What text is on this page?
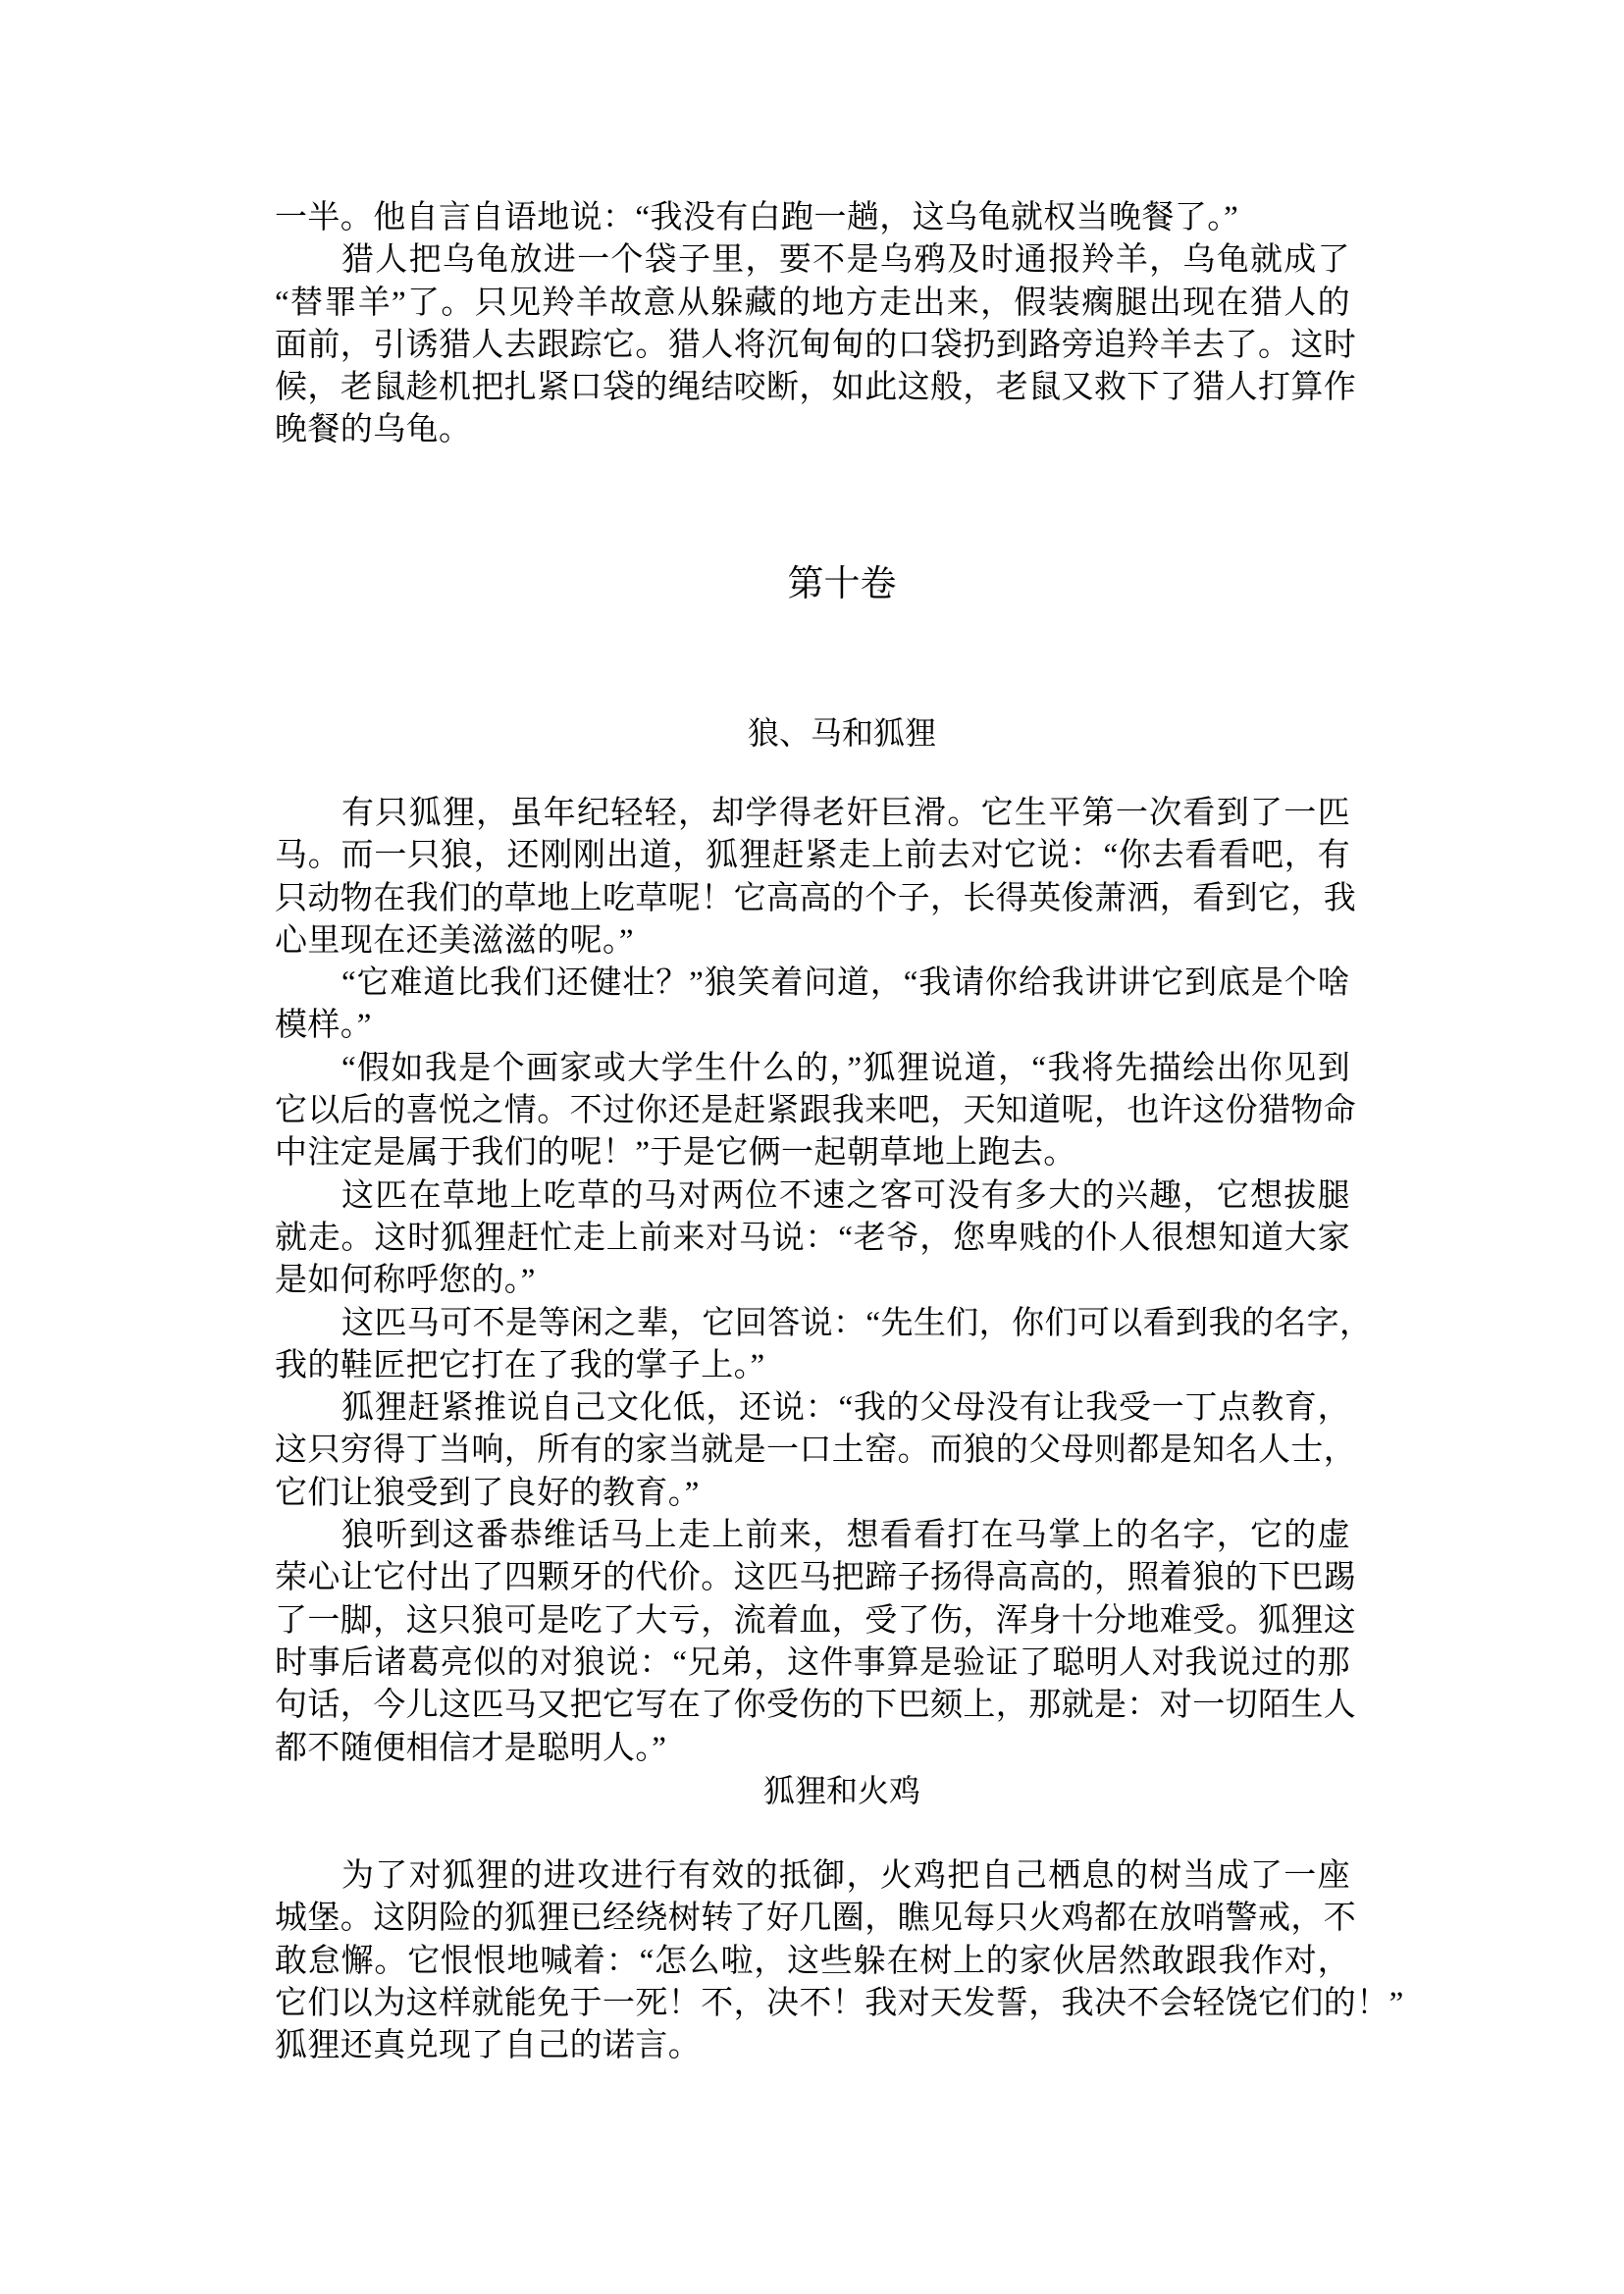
一半。他自言自语地说：“我没有白跑一趟，这乌龟就权当晚餐了。”
猎人把乌龟放进一个袋子里，要不是乌鸦及时通报羚羊，乌龟就成了
“替罪羊”了。只见羚羊故意从躲藏的地方走出来，假装瘸腿出现在猎人的
面前，引诱猎人去跟踪它。猎人将沉甸甸的口袋扔到路旁追羚羊去了。这时
候，老鼠趁机把扎紧口袋的绳结咬断，如此这般，老鼠又救下了猎人打算作
晚餐的乌龟。
第十卷
狼、马和狐狸
有只狐狸，虽年纪轻轻，却学得老奸巨滑。它生平第一次看到了一匹
马。而一只狼，还刚刚出道，狐狸赶紧走上前去对它说：“你去看看吧，有
只动物在我们的草地上吃草呢！它高高的个子，长得英俊萧洒，看到它，我
心里现在还美滋滋的呢。”
“它难道比我们还健壮？”狼笑着问道，“我请你给我讲讲它到底是个啥
模样。”
“假如我是个画家或大学生什么的，”狐狸说道，“我将先描绘出你见到
它以后的喜悦之情。不过你还是赶紧跟我来吧，天知道呢，也许这份猎物命
中注定是属于我们的呢！”于是它俩一起朝草地上跑去。
这匹在草地上吃草的马对两位不速之客可没有多大的兴趣，它想拔腿
就走。这时狐狸赶忙走上前来对马说：“老爷，您卑贱的仆人很想知道大家
是如何称呼您的。”
这匹马可不是等闲之辈，它回答说：“先生们，你们可以看到我的名字，
我的鞋匠把它打在了我的掌子上。”
狐狸赶紧推说自己文化低，还说：“我的父母没有让我受一丁点教育，
这只穷得丁当响，所有的家当就是一口土窑。而狼的父母则都是知名人士，
它们让狼受到了良好的教育。”
狼听到这番恭维话马上走上前来，想看看打在马掌上的名字，它的虚
荣心让它付出了四颗牙的代价。这匹马把蹄子扬得高高的，照着狼的下巴踢
了一脚，这只狼可是吃了大亏，流着血，受了伤，浑身十分地难受。狐狸这
时事后诸葛亮似的对狼说：“兄弟，这件事算是验证了聪明人对我说过的那
句话，今儿这匹马又把它写在了你受伤的下巴颏上，那就是：对一切陌生人
都不随便相信才是聪明人。”
狐狸和火鸡
为了对狐狸的进攻进行有效的抵御，火鸡把自己栖息的树当成了一座
城堡。这阴险的狐狸已经绕树转了好几圈，瞧见每只火鸡都在放哨警戒，不
敢怠懈。它恨恨地喊着：“怎么啦，这些躲在树上的家伙居然敢跟我作对，
它们以为这样就能免于一死！不，决不！我对天发誓，我决不会轻饶它们的！”
狐狸还真兑现了自己的诺言。
